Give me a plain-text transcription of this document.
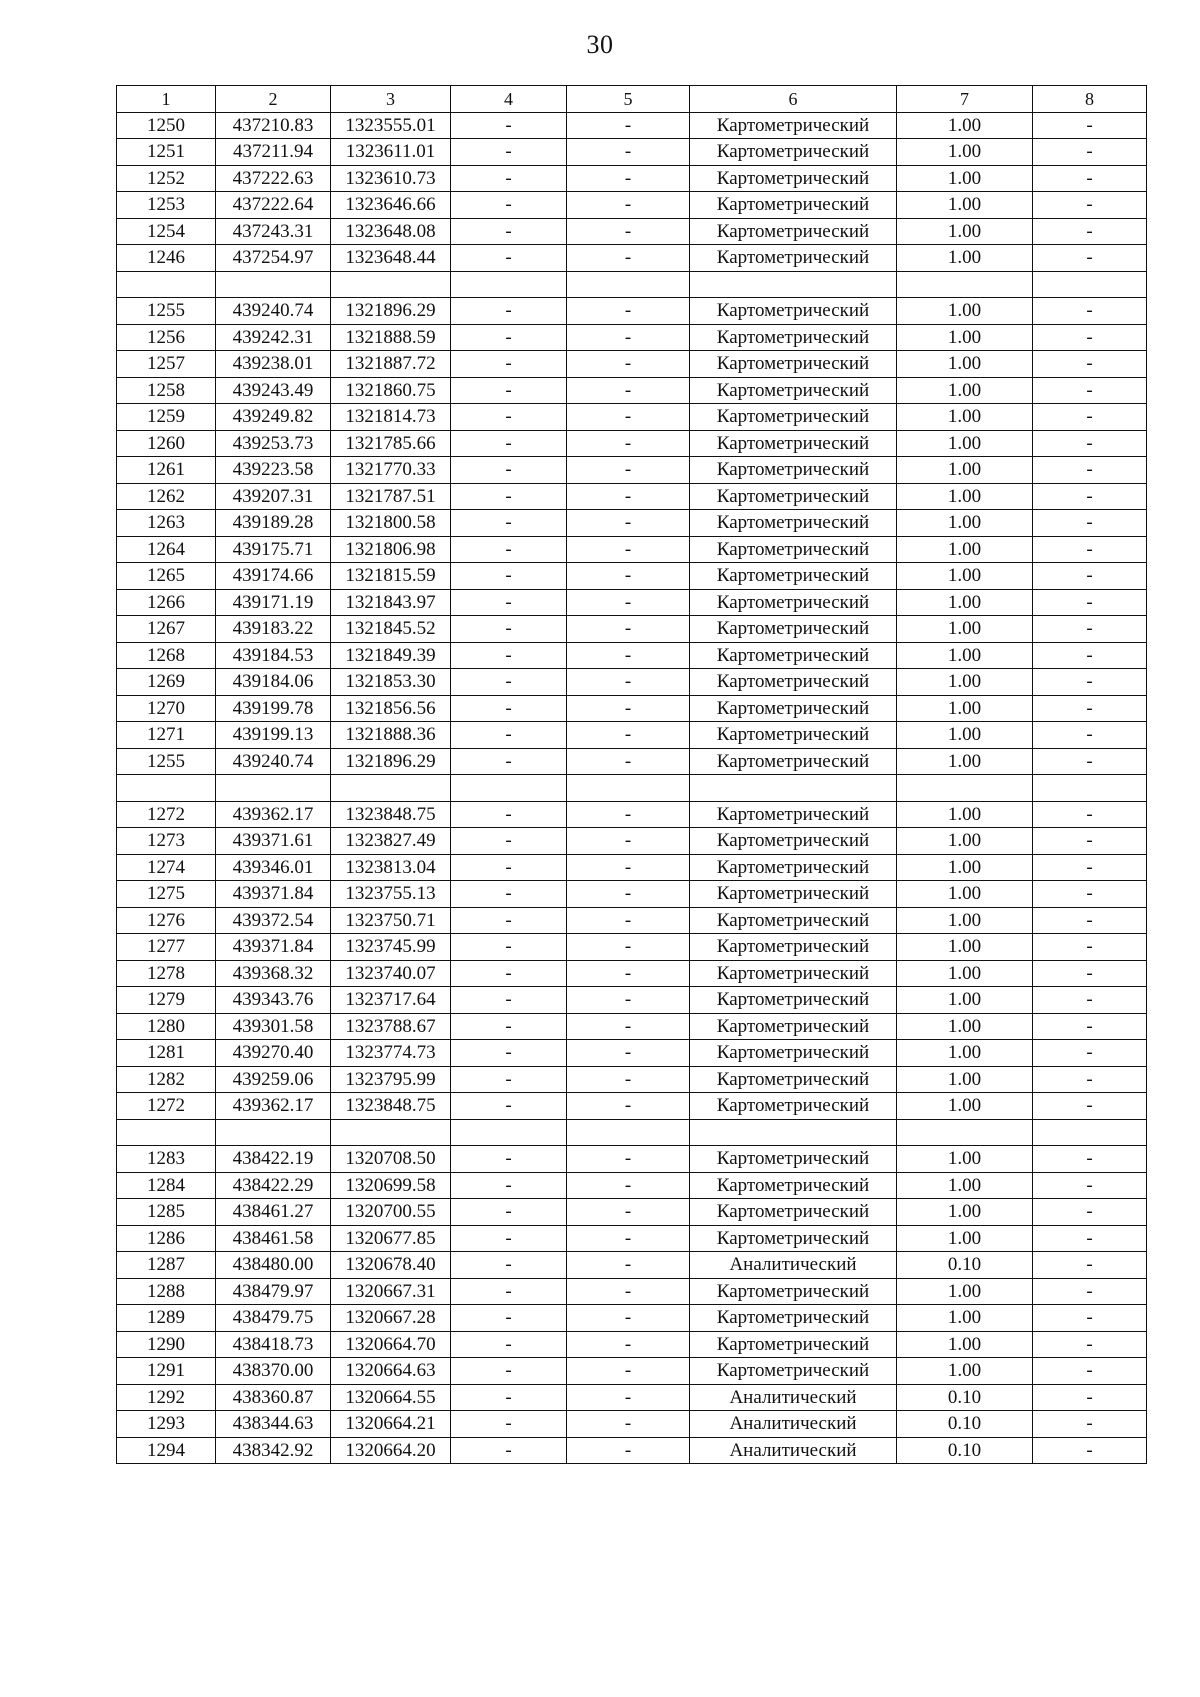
30
1	2	3	4	5	6	7	8
1250	437210.83	1323555.01	-	-	Картометрический	1.00	-
1251	437211.94	1323611.01	-	-	Картометрический	1.00	-
1252	437222.63	1323610.73	-	-	Картометрический	1.00	-
1253	437222.64	1323646.66	-	-	Картометрический	1.00	-
1254	437243.31	1323648.08	-	-	Картометрический	1.00	-
1246	437254.97	1323648.44	-	-	Картометрический	1.00	-

1255	439240.74	1321896.29	-	-	Картометрический	1.00	-
1256	439242.31	1321888.59	-	-	Картометрический	1.00	-
1257	439238.01	1321887.72	-	-	Картометрический	1.00	-
1258	439243.49	1321860.75	-	-	Картометрический	1.00	-
1259	439249.82	1321814.73	-	-	Картометрический	1.00	-
1260	439253.73	1321785.66	-	-	Картометрический	1.00	-
1261	439223.58	1321770.33	-	-	Картометрический	1.00	-
1262	439207.31	1321787.51	-	-	Картометрический	1.00	-
1263	439189.28	1321800.58	-	-	Картометрический	1.00	-
1264	439175.71	1321806.98	-	-	Картометрический	1.00	-
1265	439174.66	1321815.59	-	-	Картометрический	1.00	-
1266	439171.19	1321843.97	-	-	Картометрический	1.00	-
1267	439183.22	1321845.52	-	-	Картометрический	1.00	-
1268	439184.53	1321849.39	-	-	Картометрический	1.00	-
1269	439184.06	1321853.30	-	-	Картометрический	1.00	-
1270	439199.78	1321856.56	-	-	Картометрический	1.00	-
1271	439199.13	1321888.36	-	-	Картометрический	1.00	-
1255	439240.74	1321896.29	-	-	Картометрический	1.00	-

1272	439362.17	1323848.75	-	-	Картометрический	1.00	-
1273	439371.61	1323827.49	-	-	Картометрический	1.00	-
1274	439346.01	1323813.04	-	-	Картометрический	1.00	-
1275	439371.84	1323755.13	-	-	Картометрический	1.00	-
1276	439372.54	1323750.71	-	-	Картометрический	1.00	-
1277	439371.84	1323745.99	-	-	Картометрический	1.00	-
1278	439368.32	1323740.07	-	-	Картометрический	1.00	-
1279	439343.76	1323717.64	-	-	Картометрический	1.00	-
1280	439301.58	1323788.67	-	-	Картометрический	1.00	-
1281	439270.40	1323774.73	-	-	Картометрический	1.00	-
1282	439259.06	1323795.99	-	-	Картометрический	1.00	-
1272	439362.17	1323848.75	-	-	Картометрический	1.00	-

1283	438422.19	1320708.50	-	-	Картометрический	1.00	-
1284	438422.29	1320699.58	-	-	Картометрический	1.00	-
1285	438461.27	1320700.55	-	-	Картометрический	1.00	-
1286	438461.58	1320677.85	-	-	Картометрический	1.00	-
1287	438480.00	1320678.40	-	-	Аналитический	0.10	-
1288	438479.97	1320667.31	-	-	Картометрический	1.00	-
1289	438479.75	1320667.28	-	-	Картометрический	1.00	-
1290	438418.73	1320664.70	-	-	Картометрический	1.00	-
1291	438370.00	1320664.63	-	-	Картометрический	1.00	-
1292	438360.87	1320664.55	-	-	Аналитический	0.10	-
1293	438344.63	1320664.21	-	-	Аналитический	0.10	-
1294	438342.92	1320664.20	-	-	Аналитический	0.10	-
